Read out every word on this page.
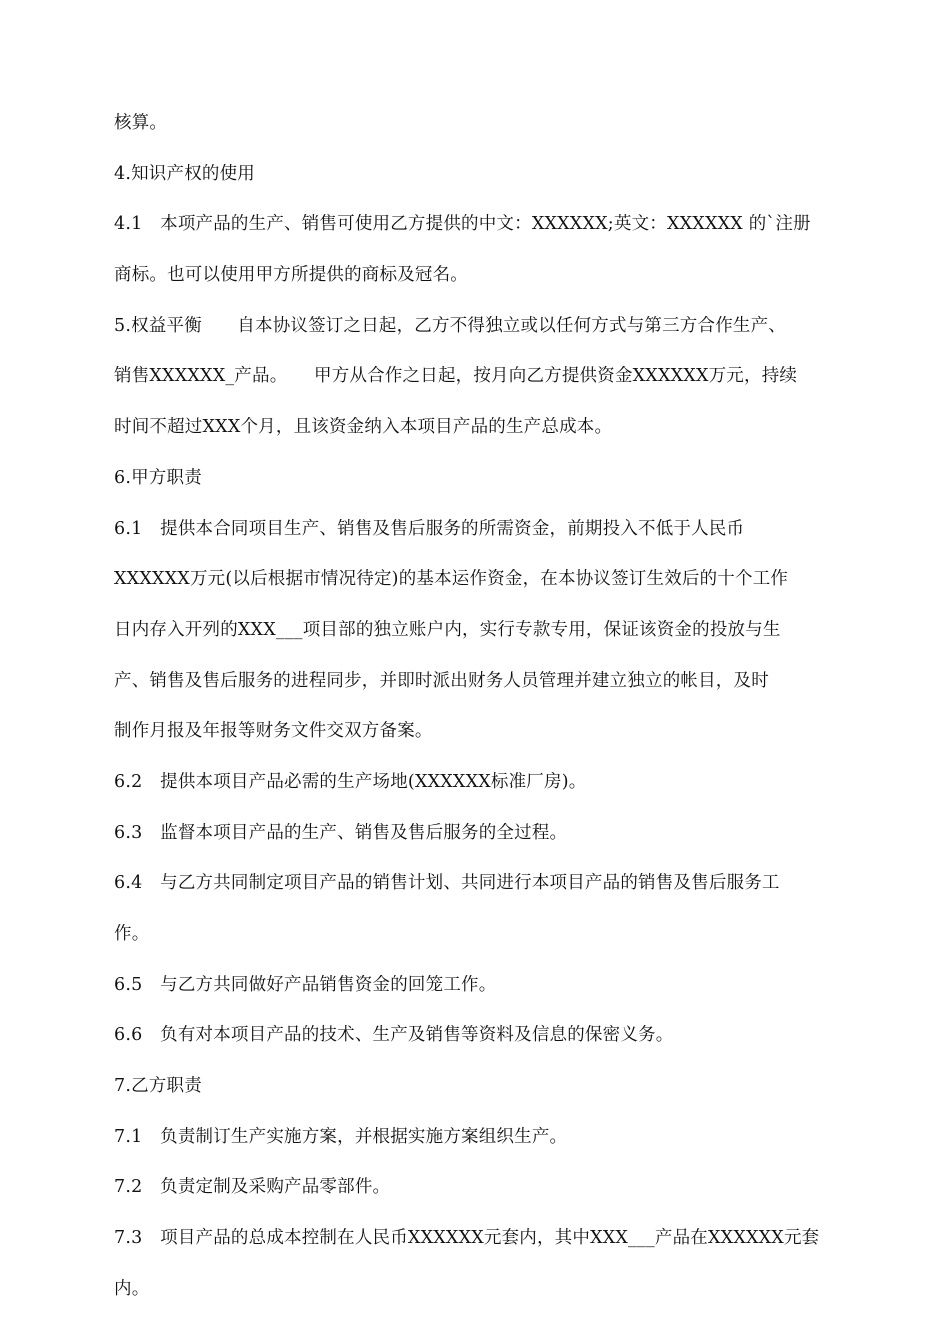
核算。
4.知识产权的使用
4.1　本项产品的生产、销售可使用乙方提供的中文：XXXXXX;英文：XXXXXX 的`注册
商标。也可以使用甲方所提供的商标及冠名。
5.权益平衡　　自本协议签订之日起，乙方不得独立或以任何方式与第三方合作生产、
销售XXXXXX_产品。　　甲方从合作之日起，按月向乙方提供资金XXXXXX万元，持续
时间不超过XXX个月，且该资金纳入本项目产品的生产总成本。
6.甲方职责
6.1　提供本合同项目生产、销售及售后服务的所需资金，前期投入不低于人民币
XXXXXX万元(以后根据市情况待定)的基本运作资金，在本协议签订生效后的十个工作
日内存入开列的XXX___项目部的独立账户内，实行专款专用，保证该资金的投放与生
产、销售及售后服务的进程同步，并即时派出财务人员管理并建立独立的帐目，及时
制作月报及年报等财务文件交双方备案。
6.2　提供本项目产品必需的生产场地(XXXXXX标准厂房)。
6.3　监督本项目产品的生产、销售及售后服务的全过程。
6.4　与乙方共同制定项目产品的销售计划、共同进行本项目产品的销售及售后服务工
作。
6.5　与乙方共同做好产品销售资金的回笼工作。
6.6　负有对本项目产品的技术、生产及销售等资料及信息的保密义务。
7.乙方职责
7.1　负责制订生产实施方案，并根据实施方案组织生产。
7.2　负责定制及采购产品零部件。
7.3　项目产品的总成本控制在人民币XXXXXX元套内，其中XXX___产品在XXXXXX元套
内。
